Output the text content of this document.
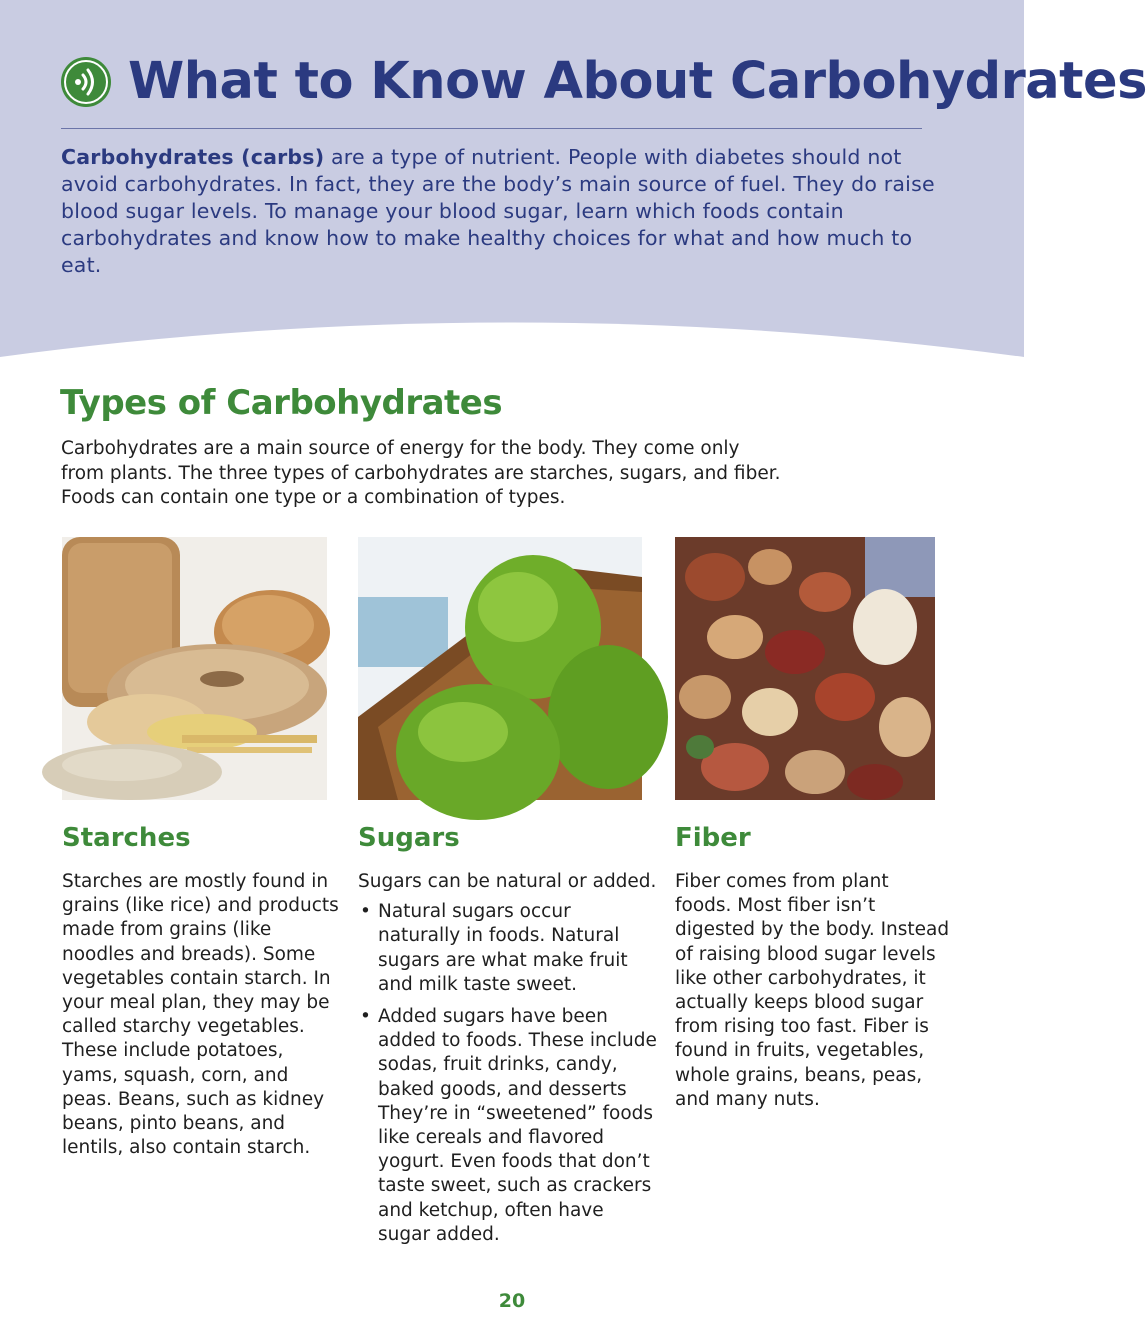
What to Know About Carbohydrates

Carbohydrates (carbs) are a type of nutrient. People with diabetes should not avoid carbohydrates. In fact, they are the body’s main source of fuel. They do raise blood sugar levels. To manage your blood sugar, learn which foods contain carbohydrates and know how to make healthy choices for what and how much to eat.

Types of Carbohydrates

Carbohydrates are a main source of energy for the body. They come only from plants. The three types of carbohydrates are starches, sugars, and fiber. Foods can contain one type or a combination of types.

Starches	Sugars	Fiber

Starches are mostly found in grains (like rice) and products made from grains (like noodles and breads). Some vegetables contain starch. In your meal plan, they may be called starchy vegetables. These include potatoes, yams, squash, corn, and peas. Beans, such as kidney beans, pinto beans, and lentils, also contain starch.

Sugars can be natural or added.

• Natural sugars occur naturally in foods. Natural sugars are what make fruit and milk taste sweet.
• Added sugars have been added to foods. These include sodas, fruit drinks, candy, baked goods, and desserts They’re in “sweetened” foods like cereals and flavored yogurt. Even foods that don’t taste sweet, such as crackers and ketchup, often have sugar added.

Fiber comes from plant foods. Most fiber isn’t digested by the body. Instead of raising blood sugar levels like other carbohydrates, it actually keeps blood sugar from rising too fast. Fiber is found in fruits, vegetables, whole grains, beans, peas, and many nuts.

20
